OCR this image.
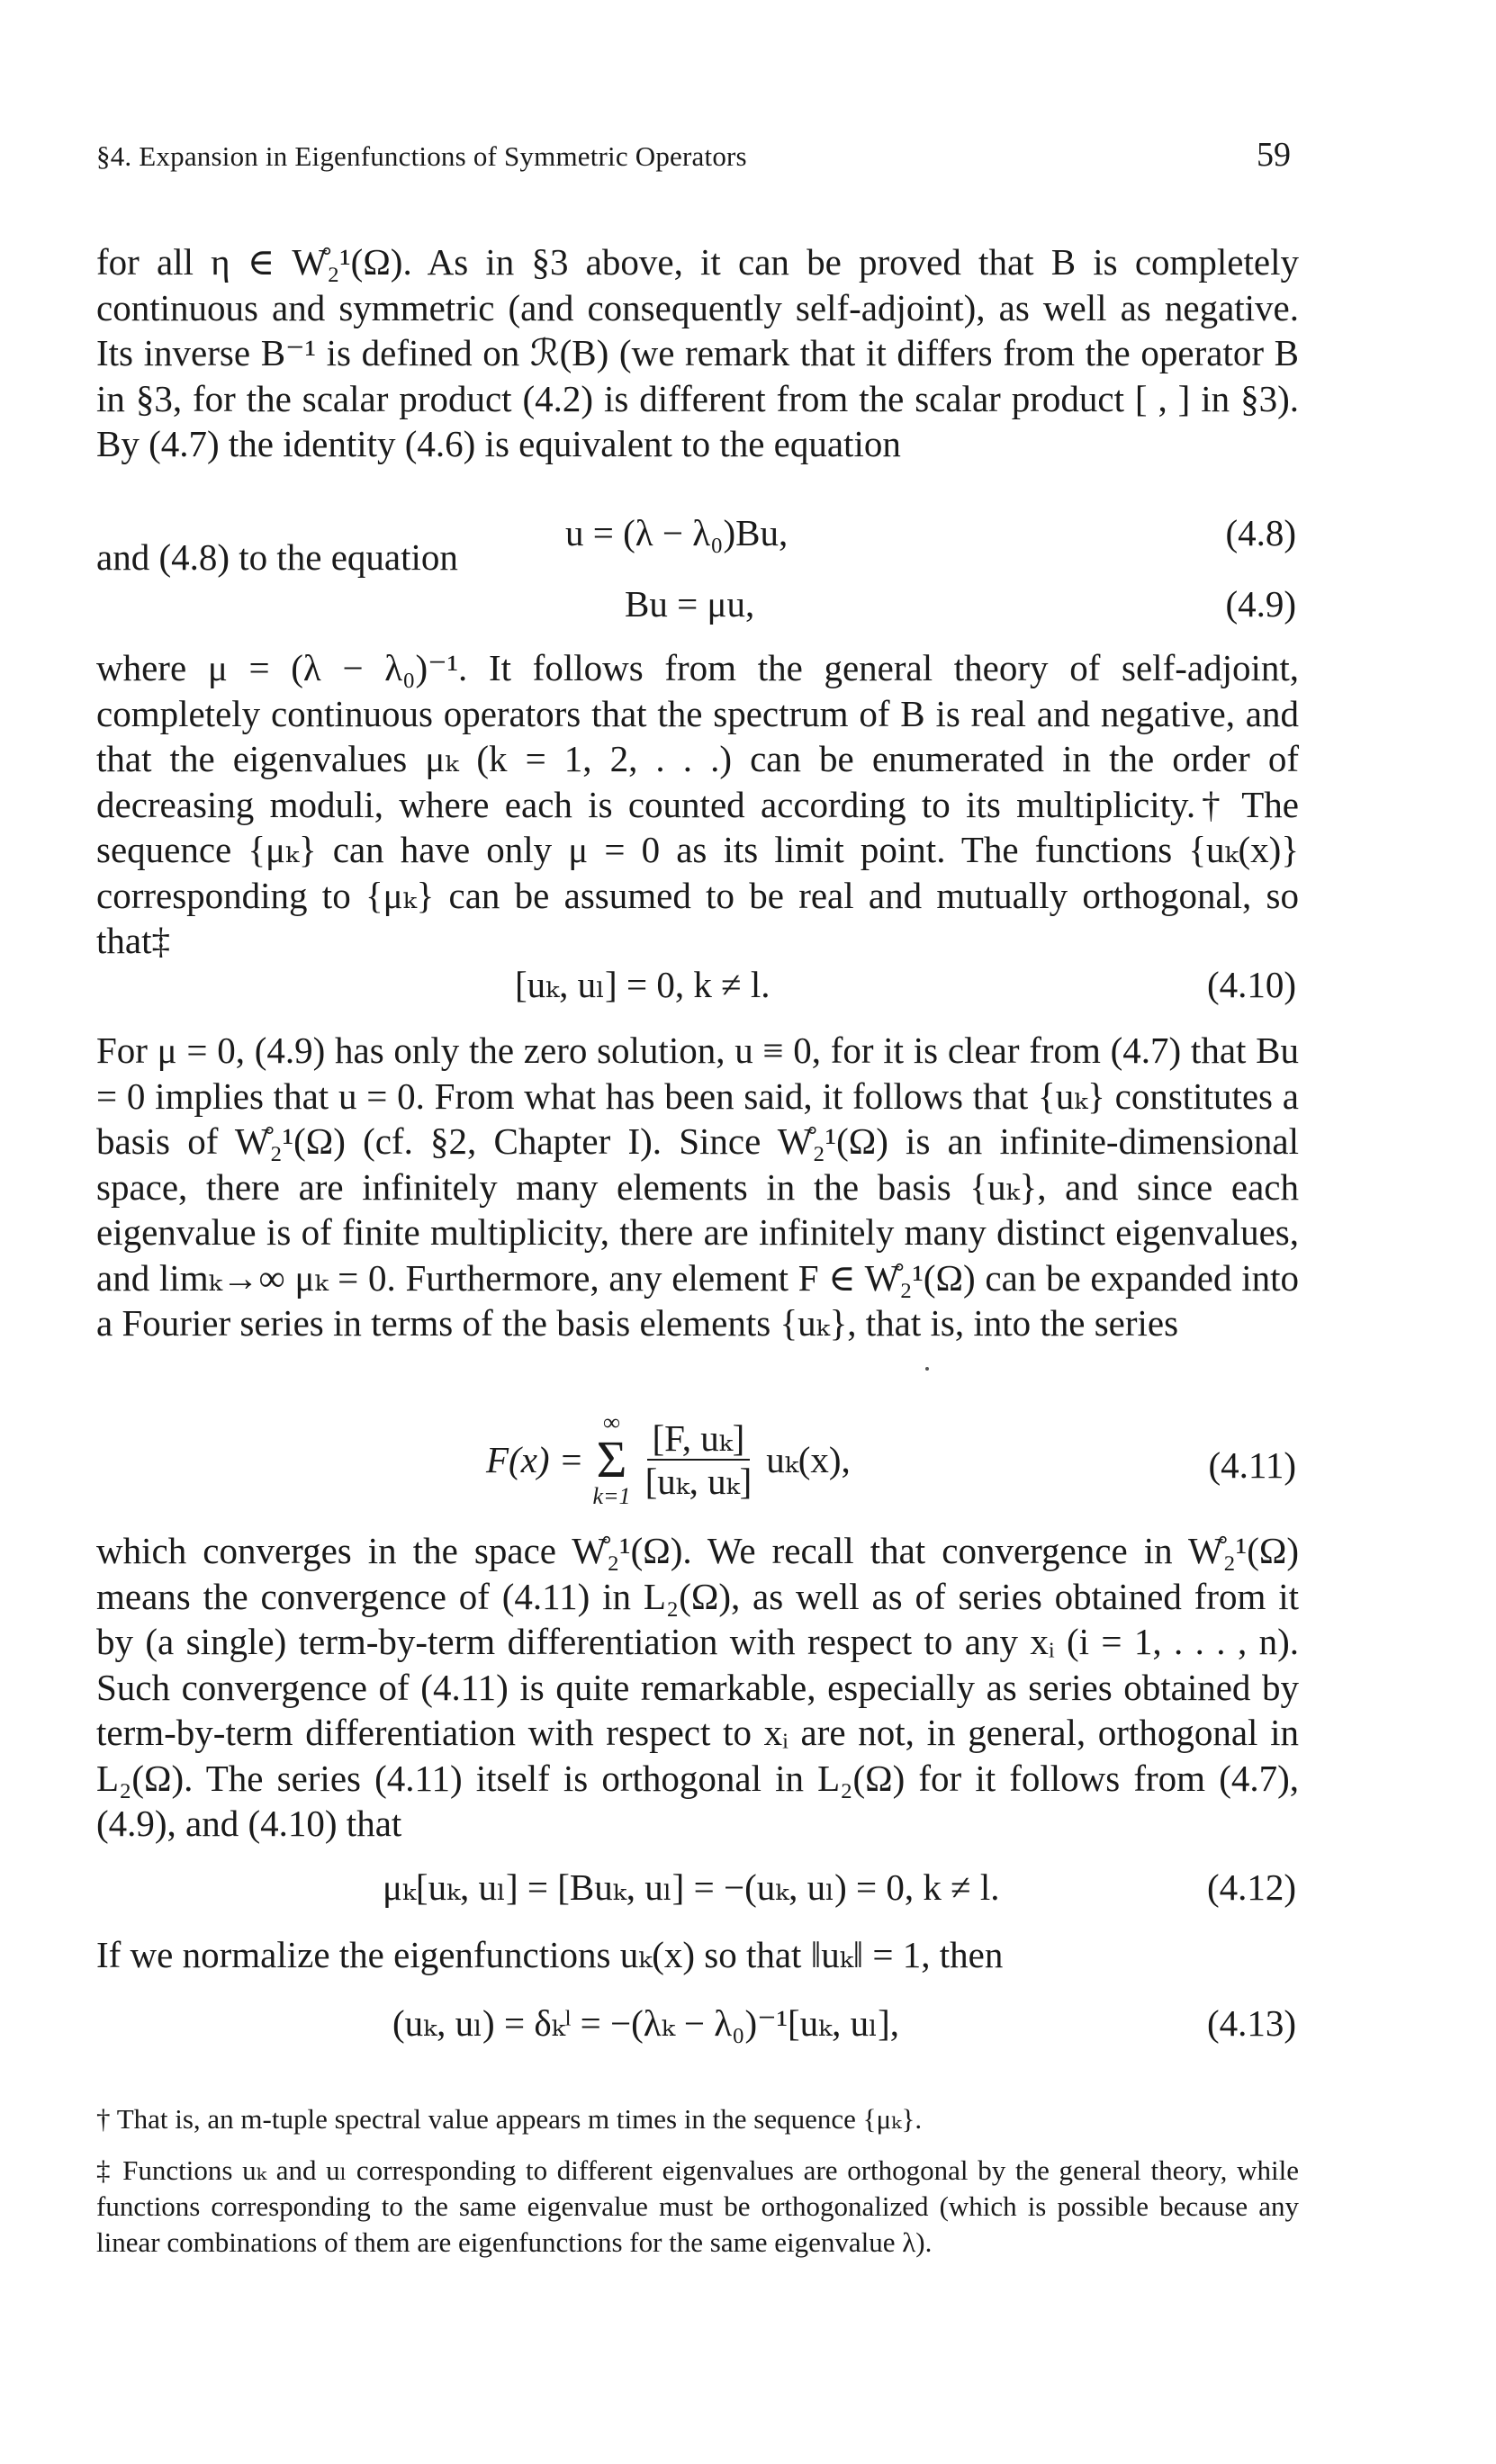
§4. Expansion in Eigenfunctions of Symmetric Operators	59

for all η ∈ W̊₂¹(Ω). As in §3 above, it can be proved that B is completely continuous and symmetric (and consequently self-adjoint), as well as negative. Its inverse B⁻¹ is defined on ℛ(B) (we remark that it differs from the operator B in §3, for the scalar product (4.2) is different from the scalar product [ , ] in §3). By (4.7) the identity (4.6) is equivalent to the equation

u = (λ − λ₀)Bu,	(4.8)

and (4.8) to the equation

Bu = μu,	(4.9)

where μ = (λ − λ₀)⁻¹. It follows from the general theory of self-adjoint, completely continuous operators that the spectrum of B is real and negative, and that the eigenvalues μₖ (k = 1, 2, . . .) can be enumerated in the order of decreasing moduli, where each is counted according to its multiplicity.† The sequence {μₖ} can have only μ = 0 as its limit point. The functions {uₖ(x)} corresponding to {μₖ} can be assumed to be real and mutually orthogonal, so that‡

[uₖ, uₗ] = 0, k ≠ l.	(4.10)

For μ = 0, (4.9) has only the zero solution, u ≡ 0, for it is clear from (4.7) that Bu = 0 implies that u = 0. From what has been said, it follows that {uₖ} constitutes a basis of W̊₂¹(Ω) (cf. §2, Chapter I). Since W̊₂¹(Ω) is an infinite-dimensional space, there are infinitely many elements in the basis {uₖ}, and since each eigenvalue is of finite multiplicity, there are infinitely many distinct eigenvalues, and limₖ→∞ μₖ = 0. Furthermore, any element F ∈ W̊₂¹(Ω) can be expanded into a Fourier series in terms of the basis elements {uₖ}, that is, into the series

F(x) =
∞
Σ
$k=1 \frac{\text{[F, uₖ]}}{\text{[uₖ, uₖ]}} u_k(x)$,	(4.11)

which converges in the space W̊₂¹(Ω). We recall that convergence in W̊₂¹(Ω) means the convergence of (4.11) in L₂(Ω), as well as of series obtained from it by (a single) term-by-term differentiation with respect to any xᵢ (i = 1, . . . , n). Such convergence of (4.11) is quite remarkable, especially as series obtained by term-by-term differentiation with respect to xᵢ are not, in general, orthogonal in L₂(Ω). The series (4.11) itself is orthogonal in L₂(Ω) for it follows from (4.7), (4.9), and (4.10) that

μₖ[uₖ, uₗ] = [Buₖ, uₗ] = −(uₖ, uₗ) = 0, k ≠ l.	(4.12)

If we normalize the eigenfunctions uₖ(x) so that ‖uₖ‖ = 1, then

(uₖ, uₗ) = δₖˡ = −(λₖ − λ₀)⁻¹[uₖ, uₗ],	(4.13)

† That is, an m-tuple spectral value appears m times in the sequence {μₖ}.

‡ Functions uₖ and uₗ corresponding to different eigenvalues are orthogonal by the general theory, while functions corresponding to the same eigenvalue must be orthogonalized (which is possible because any linear combinations of them are eigenfunctions for the same eigenvalue λ).
